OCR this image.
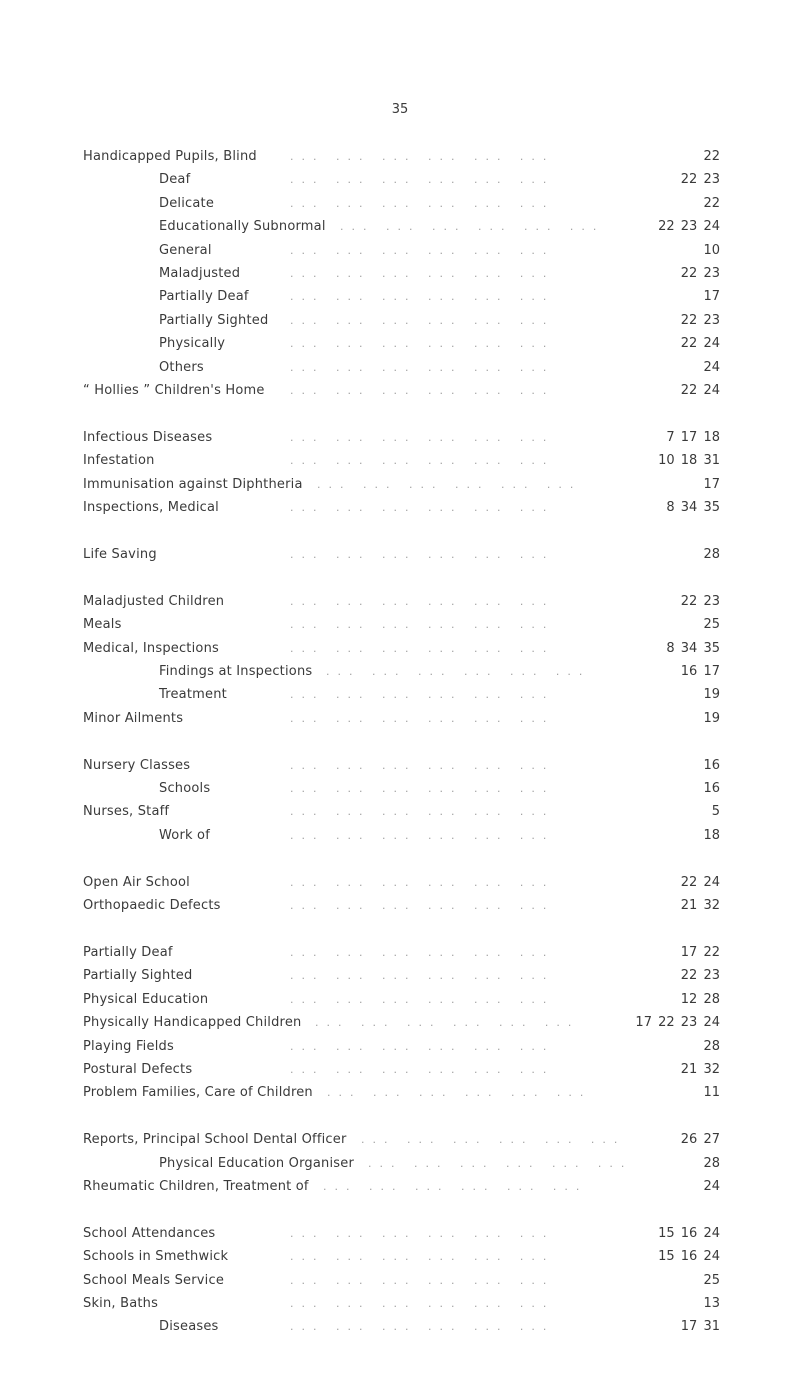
35
Handicapped Pupils, Blind	... ... ... ... ... ...	22
Deaf	... ... ... ... ... ...	22 23
Delicate	... ... ... ... ... ...	22
Educationally Subnormal ... ... ... ... ... ...	22 23 24
General	... ... ... ... ... ...	10
Maladjusted	... ... ... ... ... ...	22 23
Partially Deaf	... ... ... ... ... ...	17
Partially Sighted ... ... ... ... ... ...	22 23
Physically	... ... ... ... ... ...	22 24
Others	... ... ... ... ... ...	24
“ Hollies ” Children's Home ... ... ... ... ... ...	22 24
Infectious Diseases	... ... ... ... ... ...	7 17 18
Infestation	... ... ... ... ... ...	10 18 31
Immunisation against Diphtheria ... ... ... ... ... ...	17
Inspections, Medical	... ... ... ... ... ...	8 34 35
Life Saving	... ... ... ... ... ...	28
Maladjusted Children	... ... ... ... ... ...	22 23
Meals	... ... ... ... ... ...	25
Medical, Inspections	... ... ... ... ... ...	8 34 35
Findings at Inspections ... ... ... ... ... ...	16 17
Treatment	... ... ... ... ... ...	19
Minor Ailments	... ... ... ... ... ...	19
Nursery Classes	... ... ... ... ... ...	16
Schools	... ... ... ... ... ...	16
Nurses, Staff	... ... ... ... ... ...	5
Work of	... ... ... ... ... ...	18
Open Air School	... ... ... ... ... ...	22 24
Orthopaedic Defects	... ... ... ... ... ...	21 32
Partially Deaf	... ... ... ... ... ...	17 22
Partially Sighted	... ... ... ... ... ...	22 23
Physical Education	... ... ... ... ... ...	12 28
Physically Handicapped Children ... ... ... ... ... ...	17 22 23 24
Playing Fields	... ... ... ... ... ...	28
Postural Defects	... ... ... ... ... ...	21 32
Problem Families, Care of Children ... ... ... ... ... ...	11
Reports, Principal School Dental Officer ... ... ... ... ... ...	26 27
Physical Education Organiser ... ... ... ... ... ...	28
Rheumatic Children, Treatment of ... ... ... ... ... ...	24
School Attendances	... ... ... ... ... ...	15 16 24
Schools in Smethwick	... ... ... ... ... ...	15 16 24
School Meals Service	... ... ... ... ... ...	25
Skin, Baths	... ... ... ... ... ...	13
Diseases	... ... ... ... ... ...	17 31
